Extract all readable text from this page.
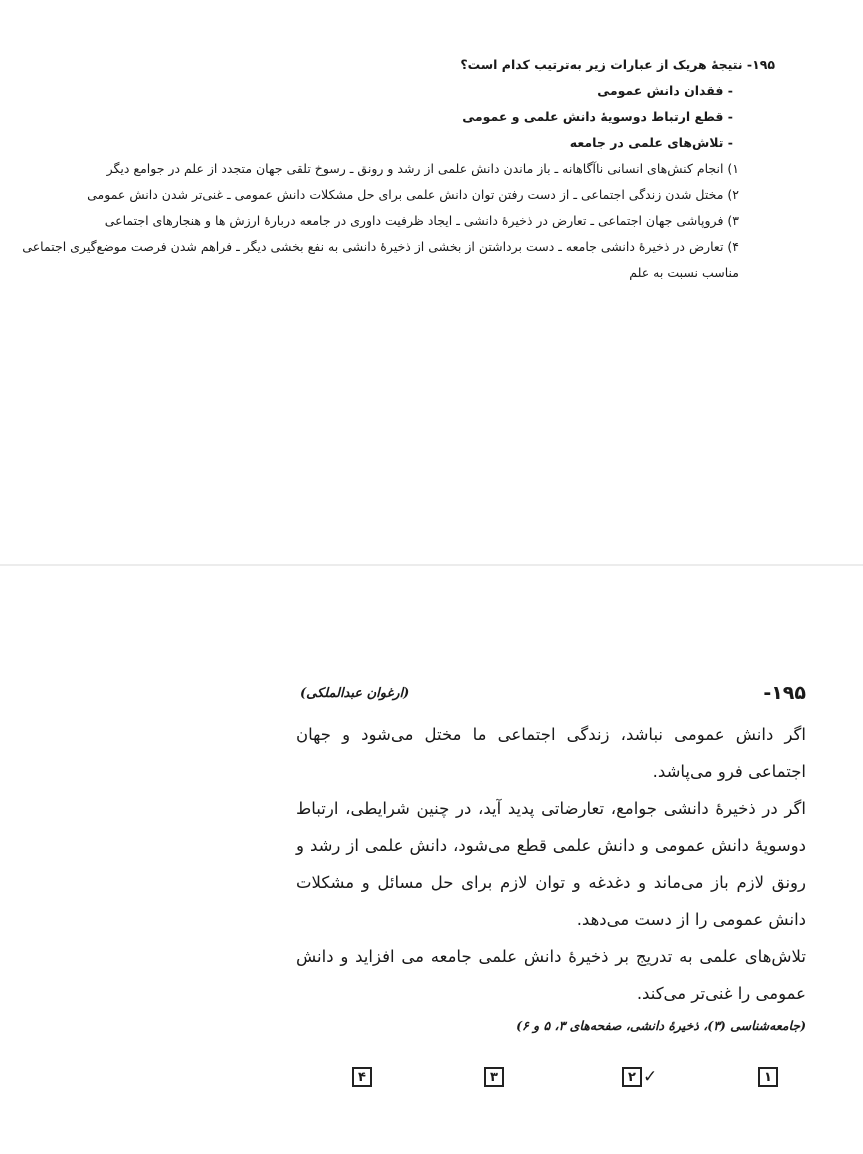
۱۹۵- نتیجهٔ هریک از عبارات زیر به‌ترتیب کدام است؟
- فقدان دانش عمومی
- قطع ارتباط دوسویهٔ دانش علمی و عمومی
- تلاش‌های علمی در جامعه
۱) انجام کنش‌های انسانی ناآگاهانه ـ باز ماندن دانش علمی از رشد و رونق ـ رسوخ تلقی جهان متجدد از علم در جوامع دیگر
۲) مختل شدن زندگی اجتماعی ـ از دست رفتن توان دانش علمی برای حل مشکلات دانش عمومی ـ غنی‌تر شدن دانش عمومی
۳) فروپاشی جهان اجتماعی ـ تعارض در ذخیرهٔ دانشی ـ ایجاد ظرفیت داوری در جامعه دربارهٔ ارزش ها و هنجارهای اجتماعی
۴) تعارض در ذخیرهٔ دانشی جامعه ـ دست برداشتن از بخشی از ذخیرهٔ دانشی به نفع بخشی دیگر ـ فراهم شدن فرصت موضع‌گیری اجتماعی مناسب نسبت به علم
۱۹۵-
(ارغوان عبدالملکی)

اگر دانش عمومی نباشد، زندگی اجتماعی ما مختل می‌شود و جهان اجتماعی فرو می‌پاشد.

اگر در ذخیرهٔ دانشی جوامع، تعارضاتی پدید آید، در چنین شرایطی، ارتباط دوسویهٔ دانش عمومی و دانش علمی قطع می‌شود، دانش علمی از رشد و رونق لازم باز می‌ماند و دغدغه و توان لازم برای حل مسائل و مشکلات دانش عمومی را از دست می‌دهد.

تلاش‌های علمی به تدریج بر ذخیرهٔ دانش علمی جامعه می افزاید و دانش عمومی را غنی‌تر می‌کند.

(جامعه‌شناسی (۳)، ذخیرهٔ دانشی، صفحه‌های ۳، ۵ و ۶)
۱
۲ ✓
۳
۴
